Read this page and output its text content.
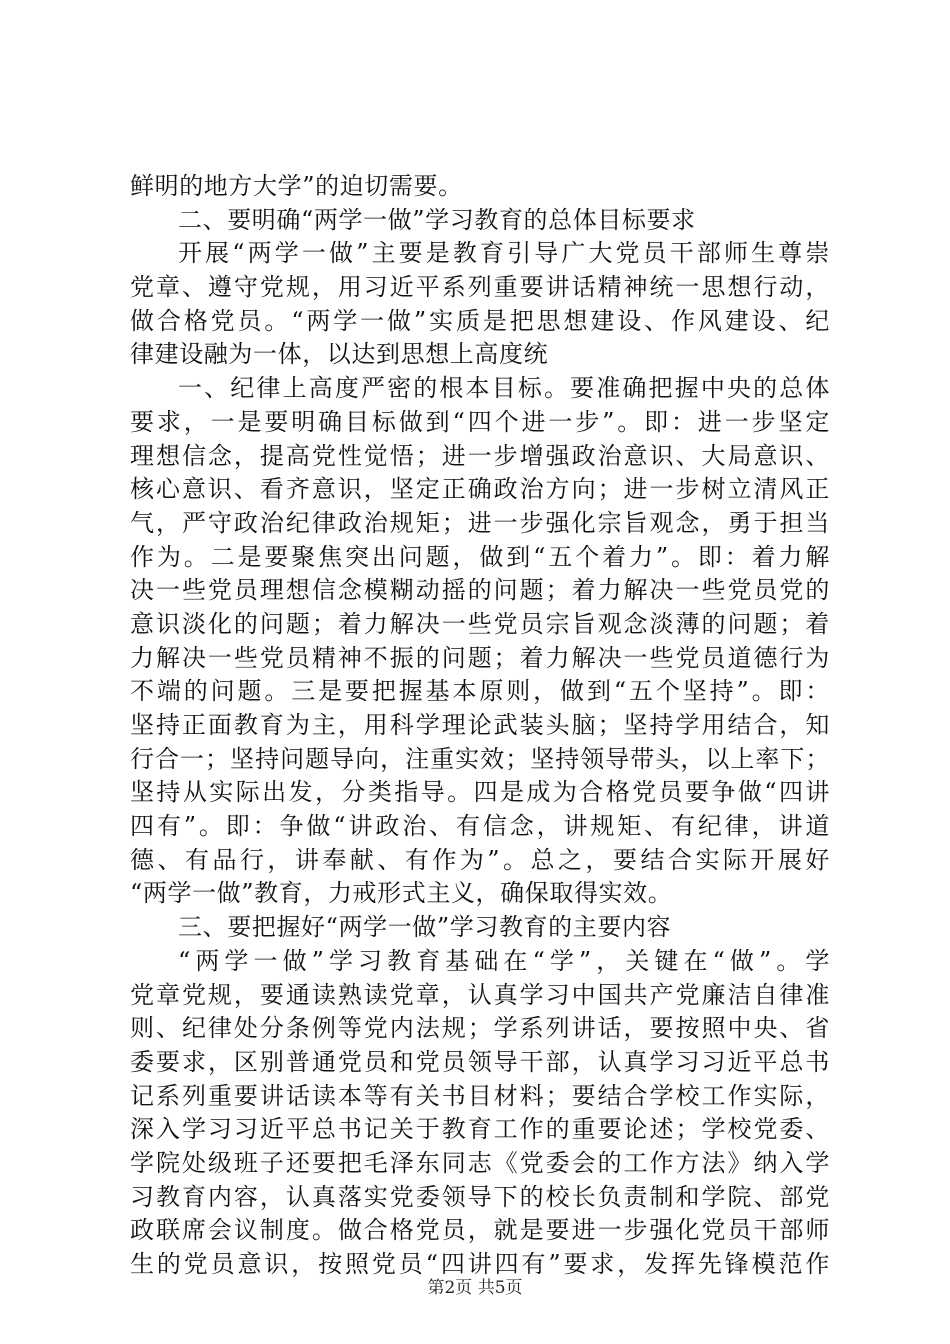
鲜明的地方大学”的迫切需要。
二、要明确“两学一做”学习教育的总体目标要求
开展“两学一做”主要是教育引导广大党员干部师生尊崇
党章、遵守党规，用习近平系列重要讲话精神统一思想行动，
做合格党员。“两学一做”实质是把思想建设、作风建设、纪
律建设融为一体，以达到思想上高度统
一、纪律上高度严密的根本目标。要准确把握中央的总体
要求，一是要明确目标做到“四个进一步”。即：进一步坚定
理想信念，提高党性觉悟；进一步增强政治意识、大局意识、
核心意识、看齐意识，坚定正确政治方向；进一步树立清风正
气，严守政治纪律政治规矩；进一步强化宗旨观念，勇于担当
作为。二是要聚焦突出问题，做到“五个着力”。即：着力解
决一些党员理想信念模糊动摇的问题；着力解决一些党员党的
意识淡化的问题；着力解决一些党员宗旨观念淡薄的问题；着
力解决一些党员精神不振的问题；着力解决一些党员道德行为
不端的问题。三是要把握基本原则，做到“五个坚持”。即：
坚持正面教育为主，用科学理论武装头脑；坚持学用结合，知
行合一；坚持问题导向，注重实效；坚持领导带头，以上率下；
坚持从实际出发，分类指导。四是成为合格党员要争做“四讲
四有”。即：争做“讲政治、有信念，讲规矩、有纪律，讲道
德、有品行，讲奉献、有作为”。总之，要结合实际开展好
“两学一做”教育，力戒形式主义，确保取得实效。
三、要把握好“两学一做”学习教育的主要内容
“两学一做”学习教育基础在“学”，关键在“做”。学
党章党规，要通读熟读党章，认真学习中国共产党廉洁自律准
则、纪律处分条例等党内法规；学系列讲话，要按照中央、省
委要求，区别普通党员和党员领导干部，认真学习习近平总书
记系列重要讲话读本等有关书目材料；要结合学校工作实际，
深入学习习近平总书记关于教育工作的重要论述；学校党委、
学院处级班子还要把毛泽东同志《党委会的工作方法》纳入学
习教育内容，认真落实党委领导下的校长负责制和学院、部党
政联席会议制度。做合格党员，就是要进一步强化党员干部师
生的党员意识，按照党员“四讲四有”要求，发挥先锋模范作
第2页 共5页
